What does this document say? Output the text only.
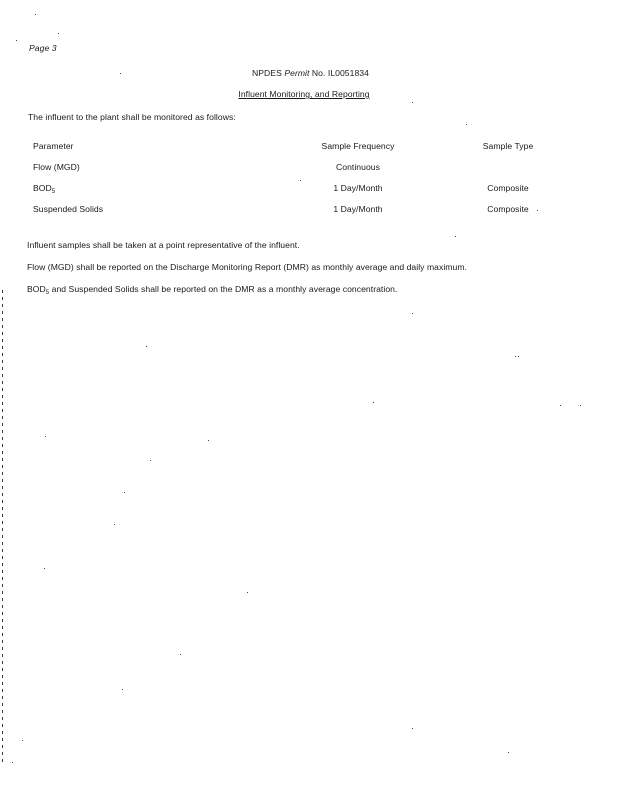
Page 3
NPDES Permit No. IL0051834
Influent Monitoring, and Reporting
The influent to the plant shall be monitored as follows:
Parameter	Sample Frequency	Sample Type
Flow (MGD)	Continuous
$BOD_5$	1 Day/Month	Composite
Suspended Solids	1 Day/Month	Composite
Influent samples shall be taken at a point representative of the influent.
Flow (MGD) shall be reported on the Discharge Monitoring Report (DMR) as monthly average and daily maximum.
$BOD_5$ and Suspended Solids shall be reported on the DMR as a monthly average concentration.
